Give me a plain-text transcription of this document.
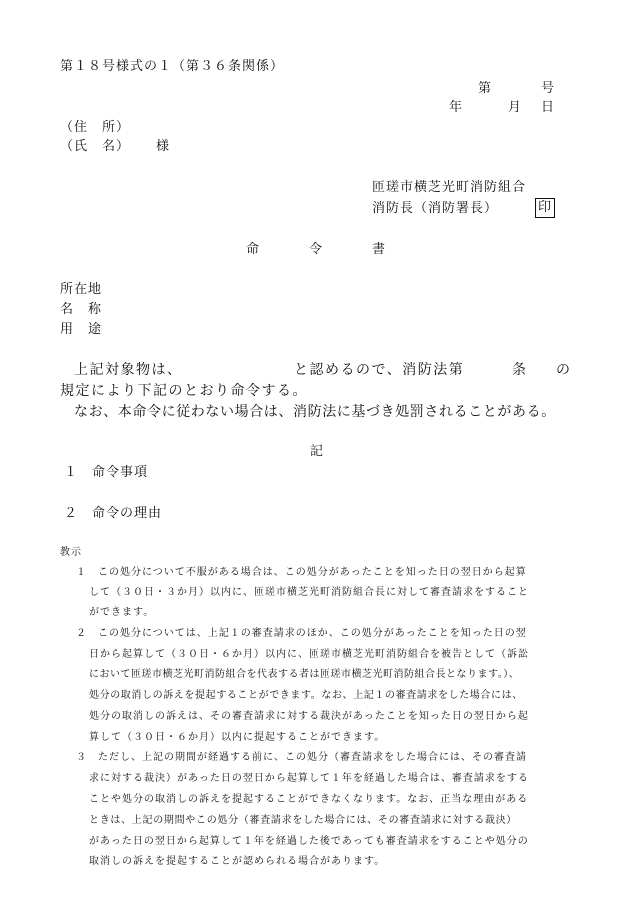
第１８号様式の１（第３６条関係）
第	号
年	月 日
（住　所）
（氏　名） 様
匝瑳市横芝光町消防組合
消防長（消防署長）	印
命	令	書
所在地
名　称
用　途
上記対象物は、	と認めるので、消防法第	条 の
規定により下記のとおり命令する。
なお、本命令に従わない場合は、消防法に基づき処罰されることがある。
記
１ 命令事項
２ 命令の理由
教示
１ この処分について不服がある場合は、この処分があったことを知った日の翌日から起算
して（３０日・３か月）以内に、匝瑳市横芝光町消防組合長に対して審査請求をすること
ができます。
２ この処分については、上記１の審査請求のほか、この処分があったことを知った日の翌
日から起算して（３０日・６か月）以内に、匝瑳市横芝光町消防組合を被告として（訴訟
において匝瑳市横芝光町消防組合を代表する者は匝瑳市横芝光町消防組合長となります。）、
処分の取消しの訴えを提起することができます。なお、上記１の審査請求をした場合には、
処分の取消しの訴えは、その審査請求に対する裁決があったことを知った日の翌日から起
算して（３０日・６か月）以内に提起することができます。
３ ただし、上記の期間が経過する前に、この処分（審査請求をした場合には、その審査請
求に対する裁決）があった日の翌日から起算して１年を経過した場合は、審査請求をする
ことや処分の取消しの訴えを提起することができなくなります。なお、正当な理由がある
ときは、上記の期間やこの処分（審査請求をした場合には、その審査請求に対する裁決）
があった日の翌日から起算して１年を経過した後であっても審査請求をすることや処分の
取消しの訴えを提起することが認められる場合があります。
